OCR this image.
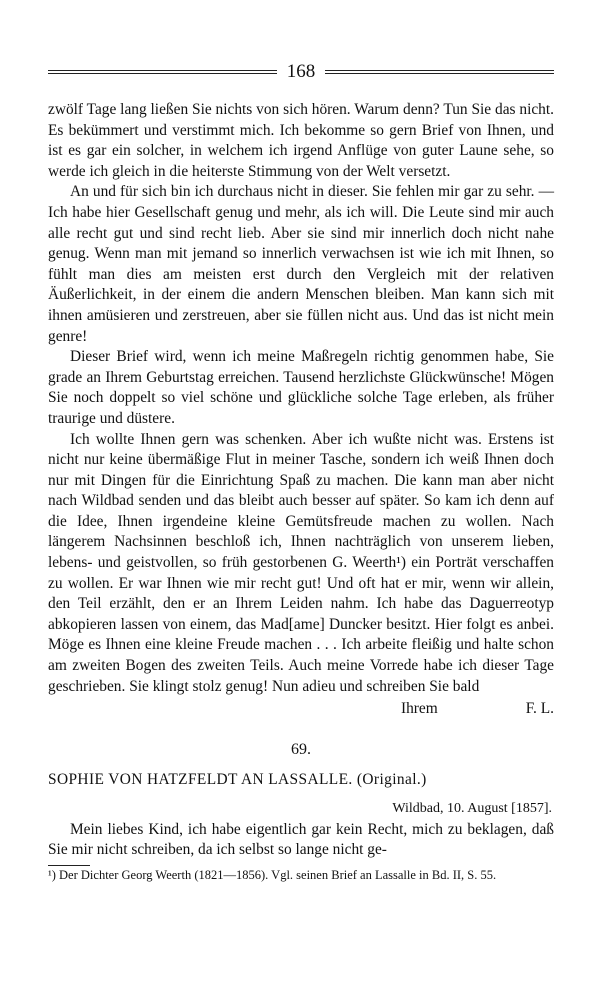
168

zwölf Tage lang ließen Sie nichts von sich hören. Warum denn? Tun Sie das nicht. Es bekümmert und verstimmt mich. Ich bekomme so gern Brief von Ihnen, und ist es gar ein solcher, in welchem ich irgend Anflüge von guter Laune sehe, so werde ich gleich in die heiterste Stimmung von der Welt versetzt.

An und für sich bin ich durchaus nicht in dieser. Sie fehlen mir gar zu sehr. — Ich habe hier Gesellschaft genug und mehr, als ich will. Die Leute sind mir auch alle recht gut und sind recht lieb. Aber sie sind mir innerlich doch nicht nahe genug. Wenn man mit jemand so innerlich verwachsen ist wie ich mit Ihnen, so fühlt man dies am meisten erst durch den Vergleich mit der relativen Äußerlichkeit, in der einem die andern Menschen bleiben. Man kann sich mit ihnen amüsieren und zerstreuen, aber sie füllen nicht aus. Und das ist nicht mein genre!

Dieser Brief wird, wenn ich meine Maßregeln richtig genommen habe, Sie grade an Ihrem Geburtstag erreichen. Tausend herzlichste Glückwünsche! Mögen Sie noch doppelt so viel schöne und glückliche solche Tage erleben, als früher traurige und düstere.

Ich wollte Ihnen gern was schenken. Aber ich wußte nicht was. Erstens ist nicht nur keine übermäßige Flut in meiner Tasche, sondern ich weiß Ihnen doch nur mit Dingen für die Einrichtung Spaß zu machen. Die kann man aber nicht nach Wildbad senden und das bleibt auch besser auf später. So kam ich denn auf die Idee, Ihnen irgendeine kleine Gemütsfreude machen zu wollen. Nach längerem Nachsinnen beschloß ich, Ihnen nachträglich von unserem lieben, lebens- und geistvollen, so früh gestorbenen G. Weerth¹) ein Porträt verschaffen zu wollen. Er war Ihnen wie mir recht gut! Und oft hat er mir, wenn wir allein, den Teil erzählt, den er an Ihrem Leiden nahm. Ich habe das Daguerreotyp abkopieren lassen von einem, das Mad[ame] Duncker besitzt. Hier folgt es anbei. Möge es Ihnen eine kleine Freude machen . . . Ich arbeite fleißig und halte schon am zweiten Bogen des zweiten Teils. Auch meine Vorrede habe ich dieser Tage geschrieben. Sie klingt stolz genug! Nun adieu und schreiben Sie bald

Ihrem	F. L.
69.
SOPHIE VON HATZFELDT AN LASSALLE. (Original.)
Wildbad, 10. August [1857].

Mein liebes Kind, ich habe eigentlich gar kein Recht, mich zu beklagen, daß Sie mir nicht schreiben, da ich selbst so lange nicht ge-

¹) Der Dichter Georg Weerth (1821—1856). Vgl. seinen Brief an Lassalle in Bd. II, S. 55.
